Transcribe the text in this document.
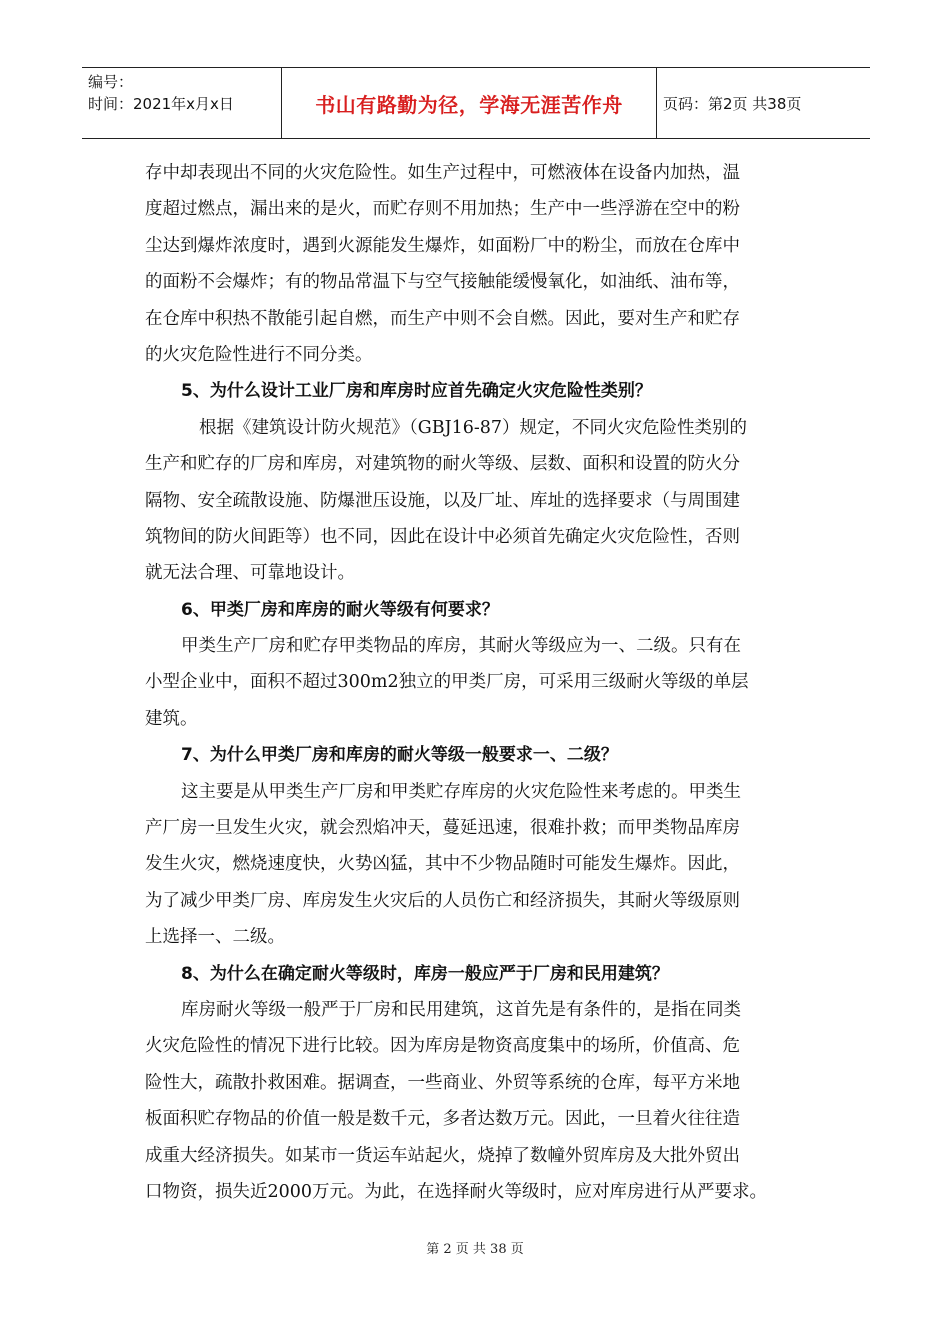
编号：
时间：2021年x月x日	书山有路勤为径，学海无涯苦作舟	页码：第2页 共38页
存中却表现出不同的火灾危险性。如生产过程中，可燃液体在设备内加热，温
度超过燃点，漏出来的是火，而贮存则不用加热；生产中一些浮游在空中的粉
尘达到爆炸浓度时，遇到火源能发生爆炸，如面粉厂中的粉尘，而放在仓库中
的面粉不会爆炸；有的物品常温下与空气接触能缓慢氧化，如油纸、油布等，
在仓库中积热不散能引起自燃，而生产中则不会自燃。因此，要对生产和贮存
的火灾危险性进行不同分类。
5、为什么设计工业厂房和库房时应首先确定火灾危险性类别？
根据《建筑设计防火规范》（GBJ16-87）规定，不同火灾危险性类别的
生产和贮存的厂房和库房，对建筑物的耐火等级、层数、面积和设置的防火分
隔物、安全疏散设施、防爆泄压设施，以及厂址、库址的选择要求（与周围建
筑物间的防火间距等）也不同，因此在设计中必须首先确定火灾危险性，否则
就无法合理、可靠地设计。
6、甲类厂房和库房的耐火等级有何要求？
甲类生产厂房和贮存甲类物品的库房，其耐火等级应为一、二级。只有在
小型企业中，面积不超过300m2独立的甲类厂房，可采用三级耐火等级的单层
建筑。
7、为什么甲类厂房和库房的耐火等级一般要求一、二级？
这主要是从甲类生产厂房和甲类贮存库房的火灾危险性来考虑的。甲类生
产厂房一旦发生火灾，就会烈焰冲天，蔓延迅速，很难扑救；而甲类物品库房
发生火灾，燃烧速度快，火势凶猛，其中不少物品随时可能发生爆炸。因此，
为了减少甲类厂房、库房发生火灾后的人员伤亡和经济损失，其耐火等级原则
上选择一、二级。
8、为什么在确定耐火等级时，库房一般应严于厂房和民用建筑？
库房耐火等级一般严于厂房和民用建筑，这首先是有条件的，是指在同类
火灾危险性的情况下进行比较。因为库房是物资高度集中的场所，价值高、危
险性大，疏散扑救困难。据调查，一些商业、外贸等系统的仓库，每平方米地
板面积贮存物品的价值一般是数千元，多者达数万元。因此，一旦着火往往造
成重大经济损失。如某市一货运车站起火，烧掉了数幢外贸库房及大批外贸出
口物资，损失近2000万元。为此，在选择耐火等级时，应对库房进行从严要求。
第 2 页 共 38 页
